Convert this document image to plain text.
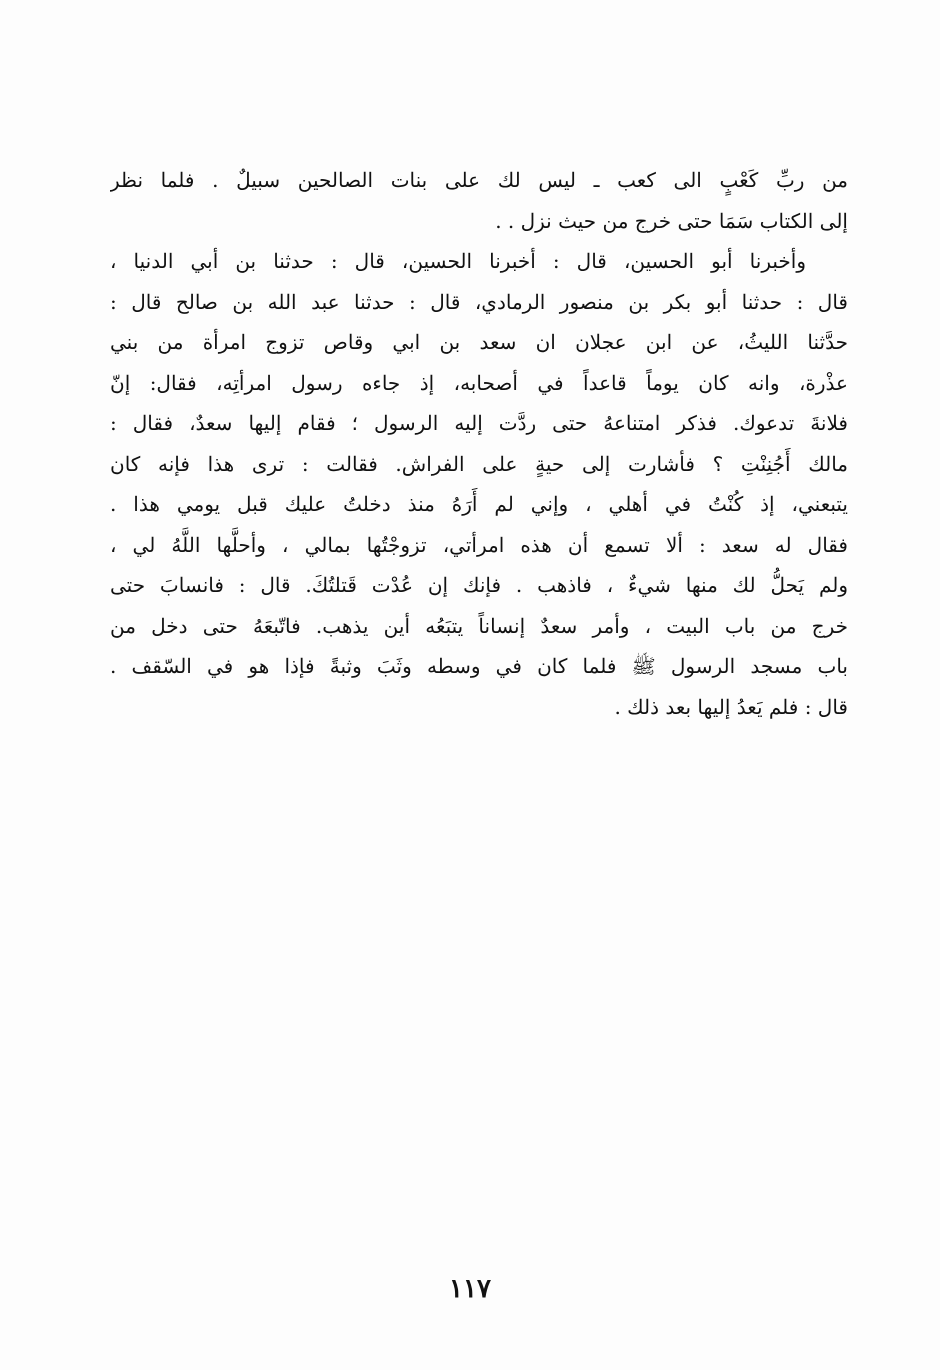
من ربِّ كَعْبٍ الى كعب ـ ليس لك على بنات الصالحين سبيلٌ . فلما نظر
إلى الكتاب سَمَا حتى خرج من حيث نزل . .
وأخبرنا أبو الحسين، قال : أخبرنا الحسين، قال : حدثنا بن أبي الدنيا ،
قال : حدثنا أبو بكر بن منصور الرمادي، قال : حدثنا عبد الله بن صالح قال :
حدَّثنا الليثُ، عن ابن عجلان ان سعد بن ابي وقاص تزوج امرأة من بني
عذْرة، وانه كان يوماً قاعداً في أصحابه، إذ جاءه رسول امرأتِه، فقال: إنّ
فلانةَ تدعوك. فذكر امتناعهُ حتى ردَّت إليه الرسول ؛ فقام إليها سعدٌ، فقال :
مالك أَجُنِنْتِ ؟ فأشارت إلى حيةٍ على الفراش. فقالت : ترى هذا فإنه كان
يتبعني، إذ كُنْتُ في أهلي ، وإني لم أَرَهُ منذ دخلتُ عليك قبل يومي هذا .
فقال له سعد : ألا تسمع أن هذه امرأتي، تزوجْتُها بمالي ، وأحلَّها اللَّهُ لي ،
ولم يَحلُّ لك منها شيءٌ ، فاذهب . فإنك إن عُدْت قَتلتُكَ. قال : فانسابَ حتى
خرج من باب البيت ، وأمر سعدٌ إنساناً يتبَعُه أين يذهب. فاتّبعَهُ حتى دخل من
باب مسجد الرسول ﷺ فلما كان في وسطه وثَبَ وثبةً فإذا هو في السّقف .
قال : فلم يَعدُ إليها بعد ذلك .
١١٧
